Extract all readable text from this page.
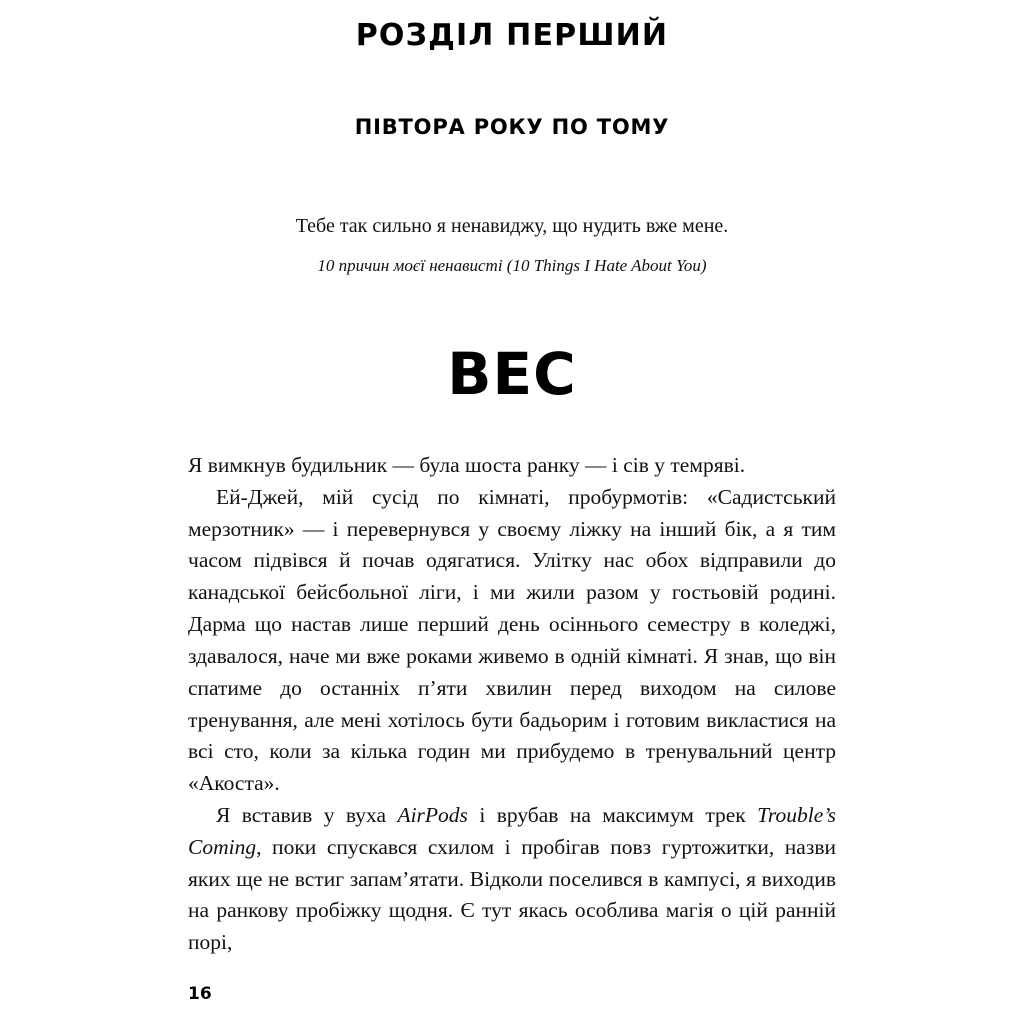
РОЗДІЛ ПЕРШИЙ
ПІВТОРА РОКУ ПО ТОМУ

Тебе так сильно я ненавиджу, що нудить вже мене.

10 причин моєї ненависті (10 Things I Hate About You)

ВЕС

Я вимкнув будильник — була шоста ранку — і сів у темряві.

Ей-Джей, мій сусід по кімнаті, пробурмотів: «Садистський мерзотник» — і перевернувся у своєму ліжку на інший бік, а я тим часом підвівся й почав одягатися. Улітку нас обох відправили до канадської бейсбольної ліги, і ми жили разом у гостьовій родині. Дарма що настав лише перший день осіннього семестру в коледжі, здавалося, наче ми вже роками живемо в одній кімнаті. Я знав, що він спатиме до останніх п’яти хвилин перед виходом на силове тренування, але мені хотілось бути бадьорим і готовим викластися на всі сто, коли за кілька годин ми прибудемо в тренувальний центр «Акоста».

Я вставив у вуха AirPods і врубав на максимум трек Trouble’s Coming, поки спускався схилом і пробігав повз гуртожитки, назви яких ще не встиг запам’ятати. Відколи поселився в кампусі, я виходив на ранкову пробіжку щодня. Є тут якась особлива магія о цій ранній порі,

16
